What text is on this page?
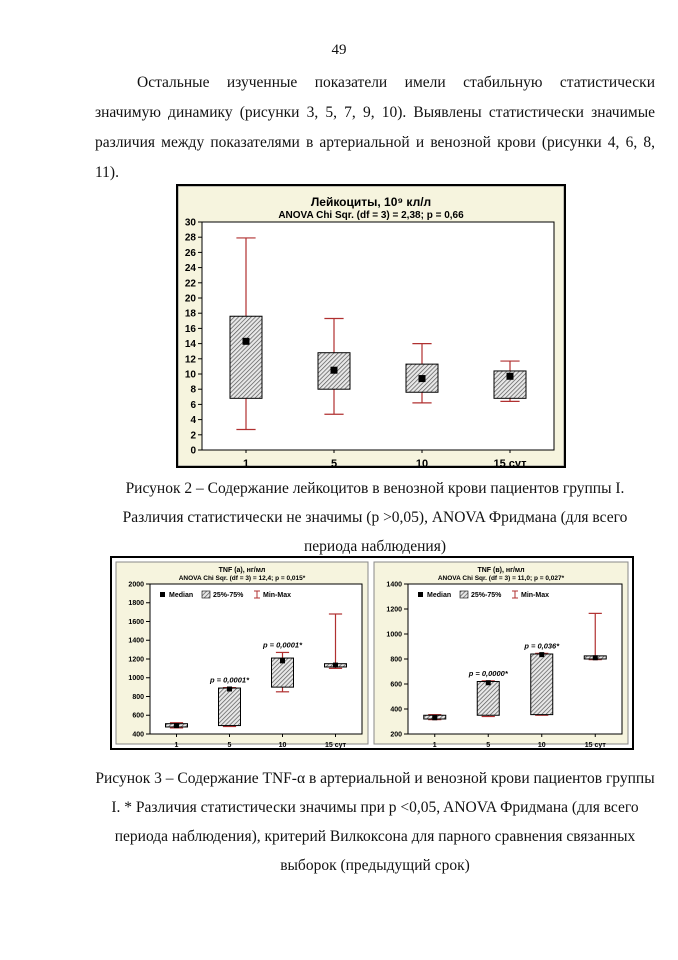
49

Остальные изученные показатели имели стабильную статистически значимую динамику (рисунки 3, 5, 7, 9, 10). Выявлены статистически значимые различия между показателями в артериальной и венозной крови (рисунки 4, 6, 8, 11).

Лейкоциты, 10⁹ кл/л
ANOVA Chi Sqr. (df = 3) = 2,38; p = 0,66
0
2
4
6
8
10
12
14
16
18
20
22
24
26
28
30
1	5	10	15 сут
Рисунок 2 – Содержание лейкоцитов в венозной крови пациентов группы I. Различия статистически не значимы (p >0,05), ANOVA Фридмана (для всего периода наблюдения)
TNF (a), нг/мл
ANOVA Chi Sqr. (df = 3) = 12,4; p = 0,015*
400
600
800
1000
1200
1400
1600
1800
2000
1	5	10	15 сут
p = 0,0001*
p = 0,0001*
Median	25%-75%	Min-Max
TNF (в), нг/мл
ANOVA Chi Sqr. (df = 3) = 11,0; p = 0,027*
200
400
600
800
1000
1200
1400
1	5	10	15 сут
p = 0,0000*
p = 0,036*
Median	25%-75%	Min-Max
Рисунок 3 – Содержание TNF-α в артериальной и венозной крови пациентов группы I. * Различия статистически значимы при p <0,05, ANOVA Фридмана (для всего периода наблюдения), критерий Вилкоксона для парного сравнения связанных выборок (предыдущий срок)
